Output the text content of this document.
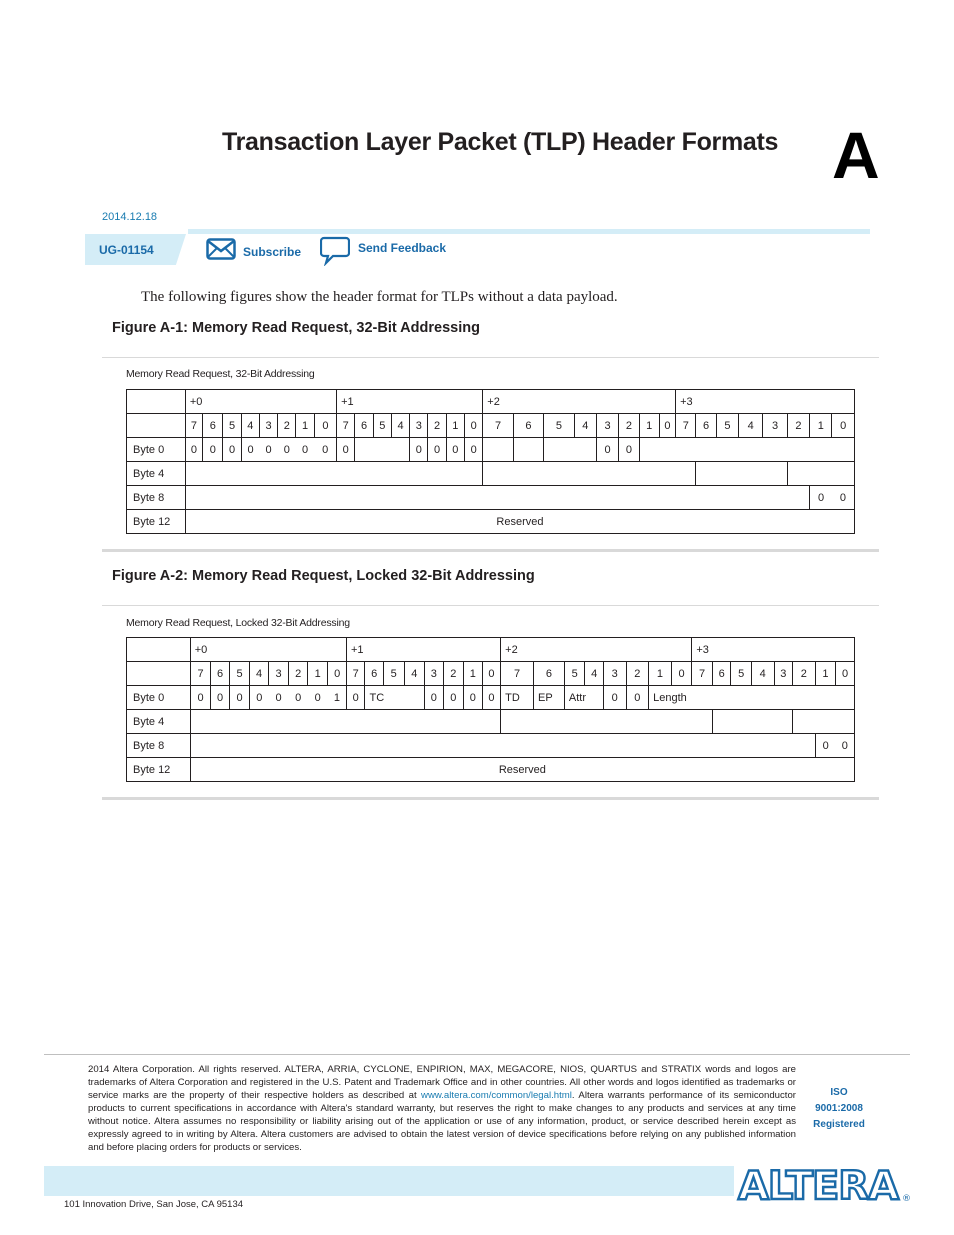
Transaction Layer Packet (TLP) Header Formats A
2014.12.18
UG-01154	Subscribe	Send Feedback
The following figures show the header format for TLPs without a data payload.
Figure A-1: Memory Read Request, 32-Bit Addressing
Memory Read Request, 32-Bit Addressing
	+0								+1								+2								+3							
	7	6	5	4	3	2	1	0	7	6	5	4	3	2	1	0	7	6	5	4	3	2	1	0	7	6	5	4	3	2	1	0
Byte 0	0	0	0	0	0	0	0	0	0				0	0	0	0					0	0										
Byte 4																																
Byte 8																															0	0
Byte 12	Reserved																															
Figure A-2: Memory Read Request, Locked 32-Bit Addressing
Memory Read Request, Locked 32-Bit Addressing
	+0								+1								+2								+3							
	7	6	5	4	3	2	1	0	7	6	5	4	3	2	1	0	7	6	5	4	3	2	1	0	7	6	5	4	3	2	1	0
Byte 0	0	0	0	0	0	0	0	1	0	TC			0	0	0	0	TD	EP	Attr		0	0	Length									
Byte 4																																
Byte 8																															0	0
Byte 12	Reserved																															
2014 Altera Corporation. All rights reserved. ALTERA, ARRIA, CYCLONE, ENPIRION, MAX, MEGACORE, NIOS, QUARTUS and STRATIX words and logos are trademarks of Altera Corporation and registered in the U.S. Patent and Trademark Office and in other countries. All other words and logos identified as trademarks or service marks are the property of their respective holders as described at www.altera.com/common/legal.html. Altera warrants performance of its semiconductor products to current specifications in accordance with Altera's standard warranty, but reserves the right to make changes to any products and services at any time without notice. Altera assumes no responsibility or liability arising out of the application or use of any information, product, or service described herein except as expressly agreed to in writing by Altera. Altera customers are advised to obtain the latest version of device specifications before relying on any published information and before placing orders for products or services.
ISO
9001:2008
Registered
101 Innovation Drive, San Jose, CA 95134	ALTERA ®
